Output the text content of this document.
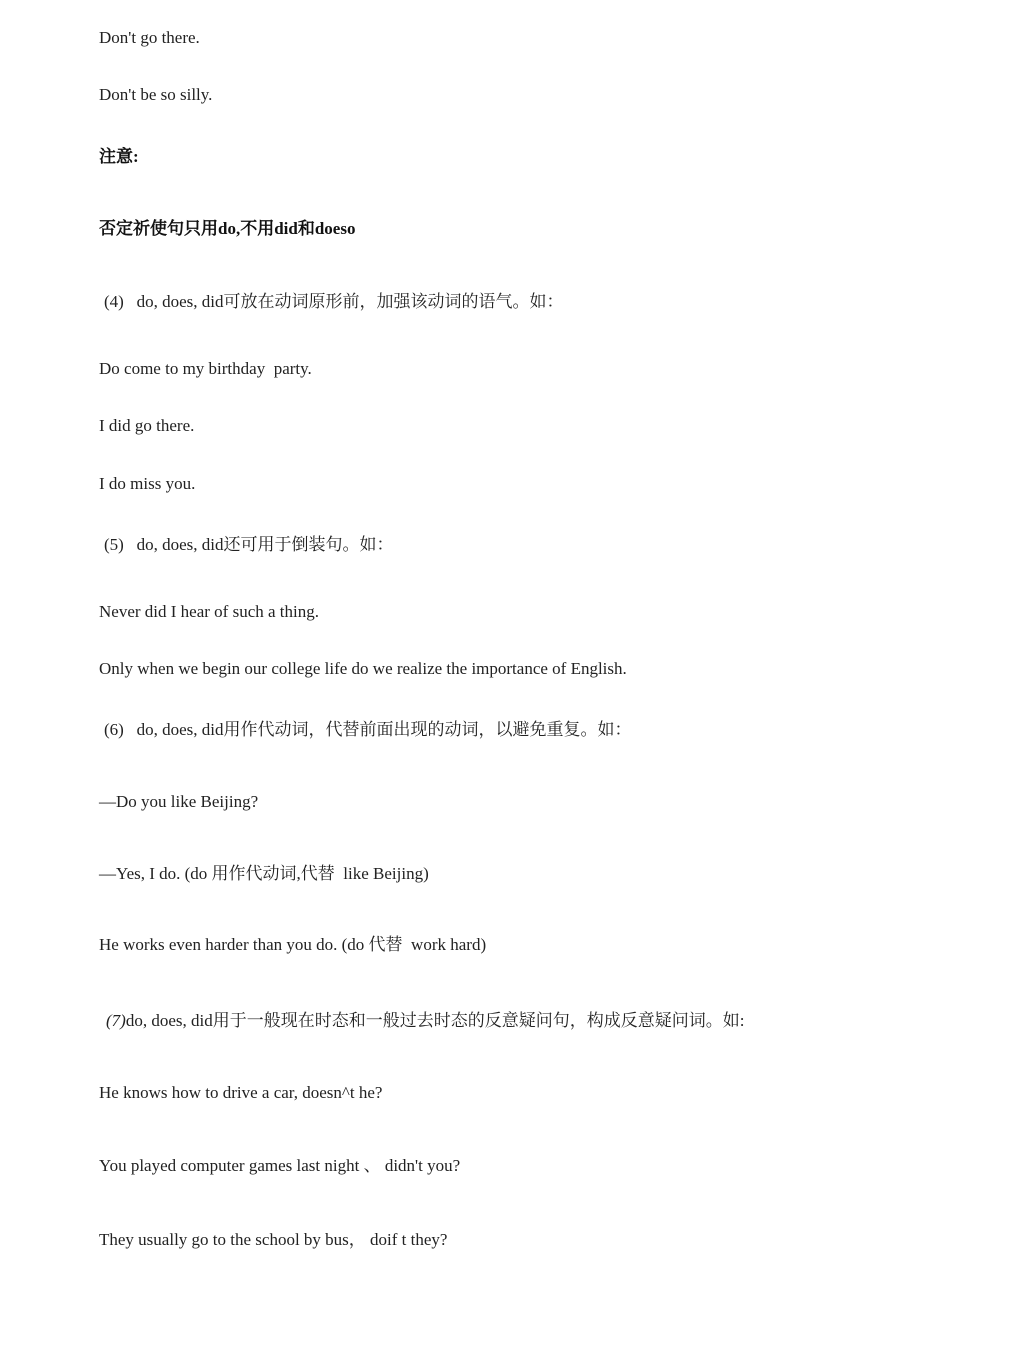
Don't go there.

Don't be so silly.

注意:

否定祈使句只用do,不用did和doeso

(4)   do, does, did可放在动词原形前，加强该动词的语气。如：

Do come to my birthday  party.

I did go there.

I do miss you.

(5)   do, does, did还可用于倒装句。如：

Never did I hear of such a thing.

Only when we begin our college life do we realize the importance of English.

(6)   do, does, did用作代动词，代替前面出现的动词，以避免重复。如：

—Do you like Beijing?

—Yes, I do. (do 用作代动词,代替  like Beijing)

He works even harder than you do. (do 代替  work hard)

(7)do, does, did用于一般现在时态和一般过去时态的反意疑问句，构成反意疑问词。如:

He knows how to drive a car, doesn^t he?

You played computer games last night 、 didn't you?

They usually go to the school by bus， doif t they?
